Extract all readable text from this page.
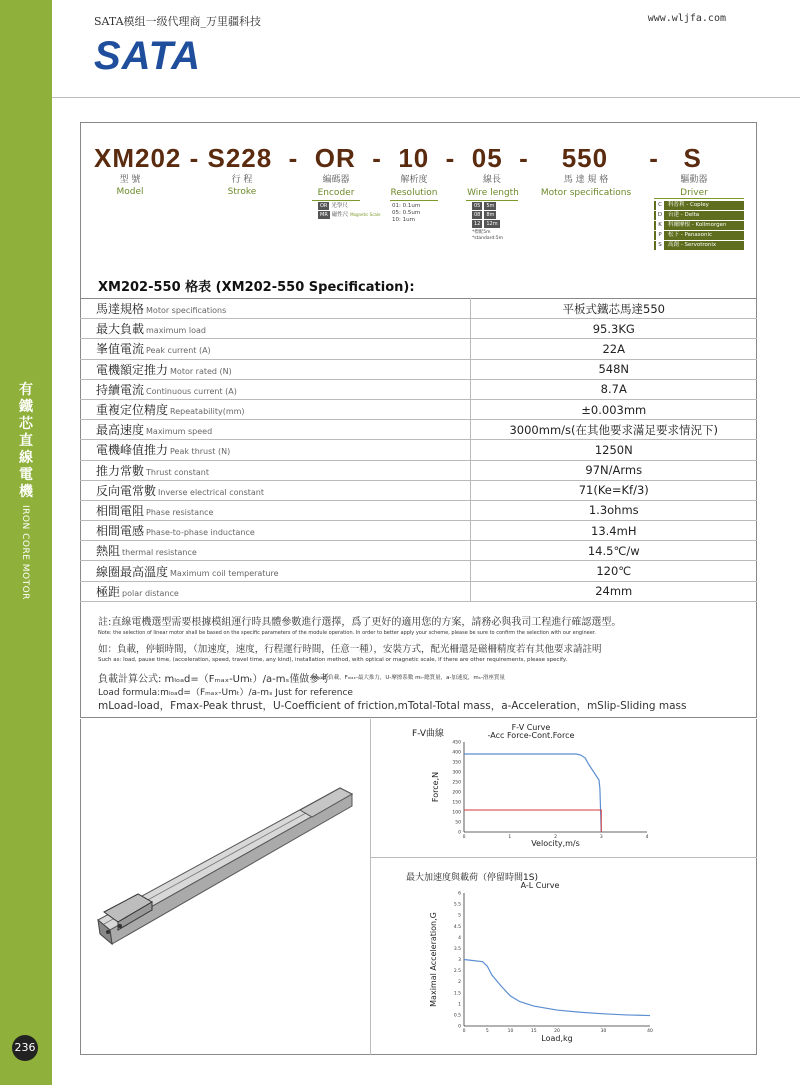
有鐵芯直線電機
IRON CORE MOTOR
236
SATA模组一级代理商_万里疆科技	www.wljfa.com
SATA
XM202 - S228  -  OR  -  10  -  05  -    550     -   S
型 號
Model
行 程
Stroke
編碼器
Encoder
OR 光學尺
MR 磁性尺 Magnetic Scale
解析度
Resolution
01: 0.1um
05: 0.5um
10: 1um
線長
Wire length
05 5m
08 8m
12 12m
*標配5m
*standard:5m
馬 達 規 格
Motor specifications
驅動器
Driver
C 科普利 - Copley
D 台達 - Delta
K 科爾摩根 - Kollmorgen
P 松下 - Panasonic
S 高創 - Servotronix
XM202-550 格表 (XM202-550 Specification):
馬達規格 Motor specifications	平板式鐵芯馬達550
最大負載 maximum load	95.3KG
峯值電流 Peak current (A)	22A
電機額定推力 Motor rated (N)	548N
持續電流 Continuous current (A)	8.7A
重複定位精度 Repeatability(mm)	±0.003mm
最高速度 Maximum speed	3000mm/s(在其他要求滿足要求情況下)
電機峰值推力 Peak thrust (N)	1250N
推力常數 Thrust constant	97N/Arms
反向電常數 Inverse electrical constant	71(Ke=Kf/3)
相間電阻 Phase resistance	1.3ohms
相間電感 Phase-to-phase inductance	13.4mH
熱阻 thermal resistance	14.5℃/w
線圈最高溫度 Maximum coil temperature	120℃
極距 polar distance	24mm
註:直線電機選型需要根據模組運行時具體參數進行選擇，爲了更好的適用您的方案，請務必與我司工程進行確認選型。
Note: the selection of linear motor shall be based on the specific parameters of the module operation. In order to better apply your scheme, please be sure to confirm the selection with our engineer.
如：負載，停頓時間，（加速度，速度，行程運行時間，任意一種），安裝方式，配光柵還是磁柵精度若有其他要求請註明
Such as: load, pause time, (acceleration, speed, travel time, any kind), installation method, with optical or magnetic scale, if there are other requirements, please specify.
負載計算公式: mₗₒₐd=（Fₘₐₓ-Umₜ）/a-mₛ僅做參考
mₗₒₐd-負載，Fₘₐₓ-最大推力，U-摩擦系數 mₜ-總質量，a-加速度，mₛ-滑座質量
Load formula:mₗₒₐd=（Fₘₐₓ-Umₜ）/a-mₛ Just for reference
mLoad-load，Fmax-Peak thrust，U-Coefficient of friction,mTotal-Total mass，a-Acceleration，mSlip-Sliding mass
F-V曲線
F-V Curve
-Acc Force-Cont.Force
Velocity,m/s
Force,N
0	1	2	3	4
0
50
100
150
200
250
300
350
400
450
最大加速度與載荷（停留時間1S)
A-L Curve
Load,kg
Maximal Acceleration,G
0	5	10	15	20	30	40
0
0.5
1
1.5
2
2.5
3
3.5
4
4.5
5
5.5
6
